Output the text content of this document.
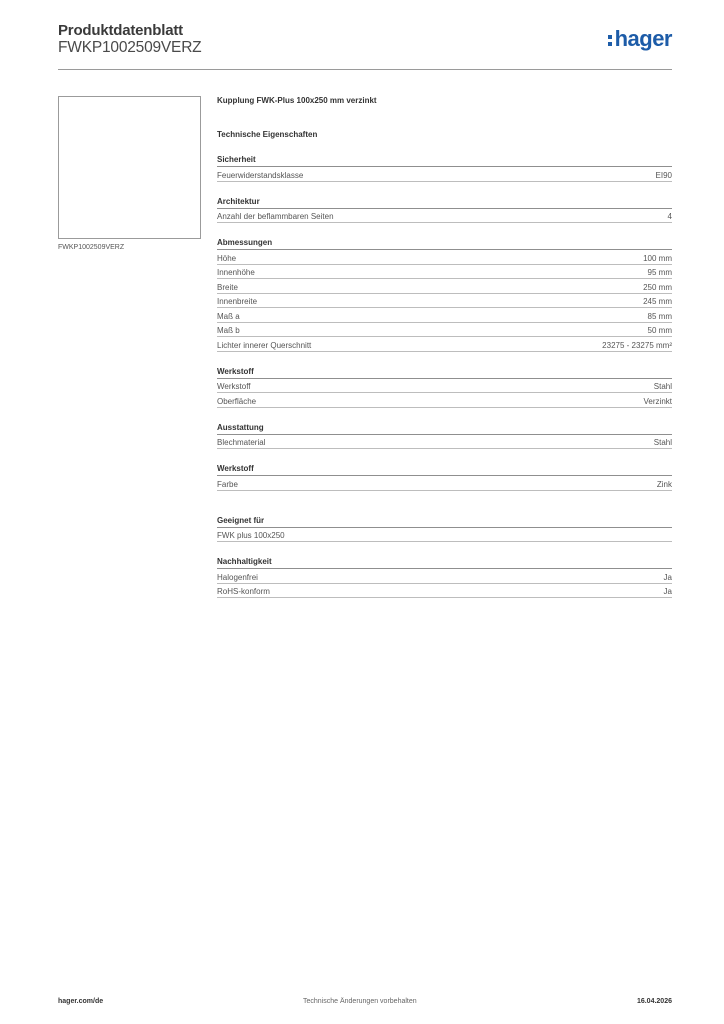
Produktdatenblatt
FWKP1002509VERZ	hager
FWKP1002509VERZ
Kupplung FWK-Plus 100x250 mm verzinkt
Technische Eigenschaften
Sicherheit
Feuerwiderstandsklasse	EI90
Architektur
Anzahl der beflammbaren Seiten	4
Abmessungen
Höhe	100 mm
Innenhöhe	95 mm
Breite	250 mm
Innenbreite	245 mm
Maß a	85 mm
Maß b	50 mm
Lichter innerer Querschnitt	23275 - 23275 mm²
Werkstoff
Werkstoff	Stahl
Oberfläche	Verzinkt
Ausstattung
Blechmaterial	Stahl
Werkstoff
Farbe	Zink
Geeignet für
FWK plus 100x250
Nachhaltigkeit
Halogenfrei	Ja
RoHS-konform	Ja
hager.com/de	Technische Änderungen vorbehalten	16.04.2026
